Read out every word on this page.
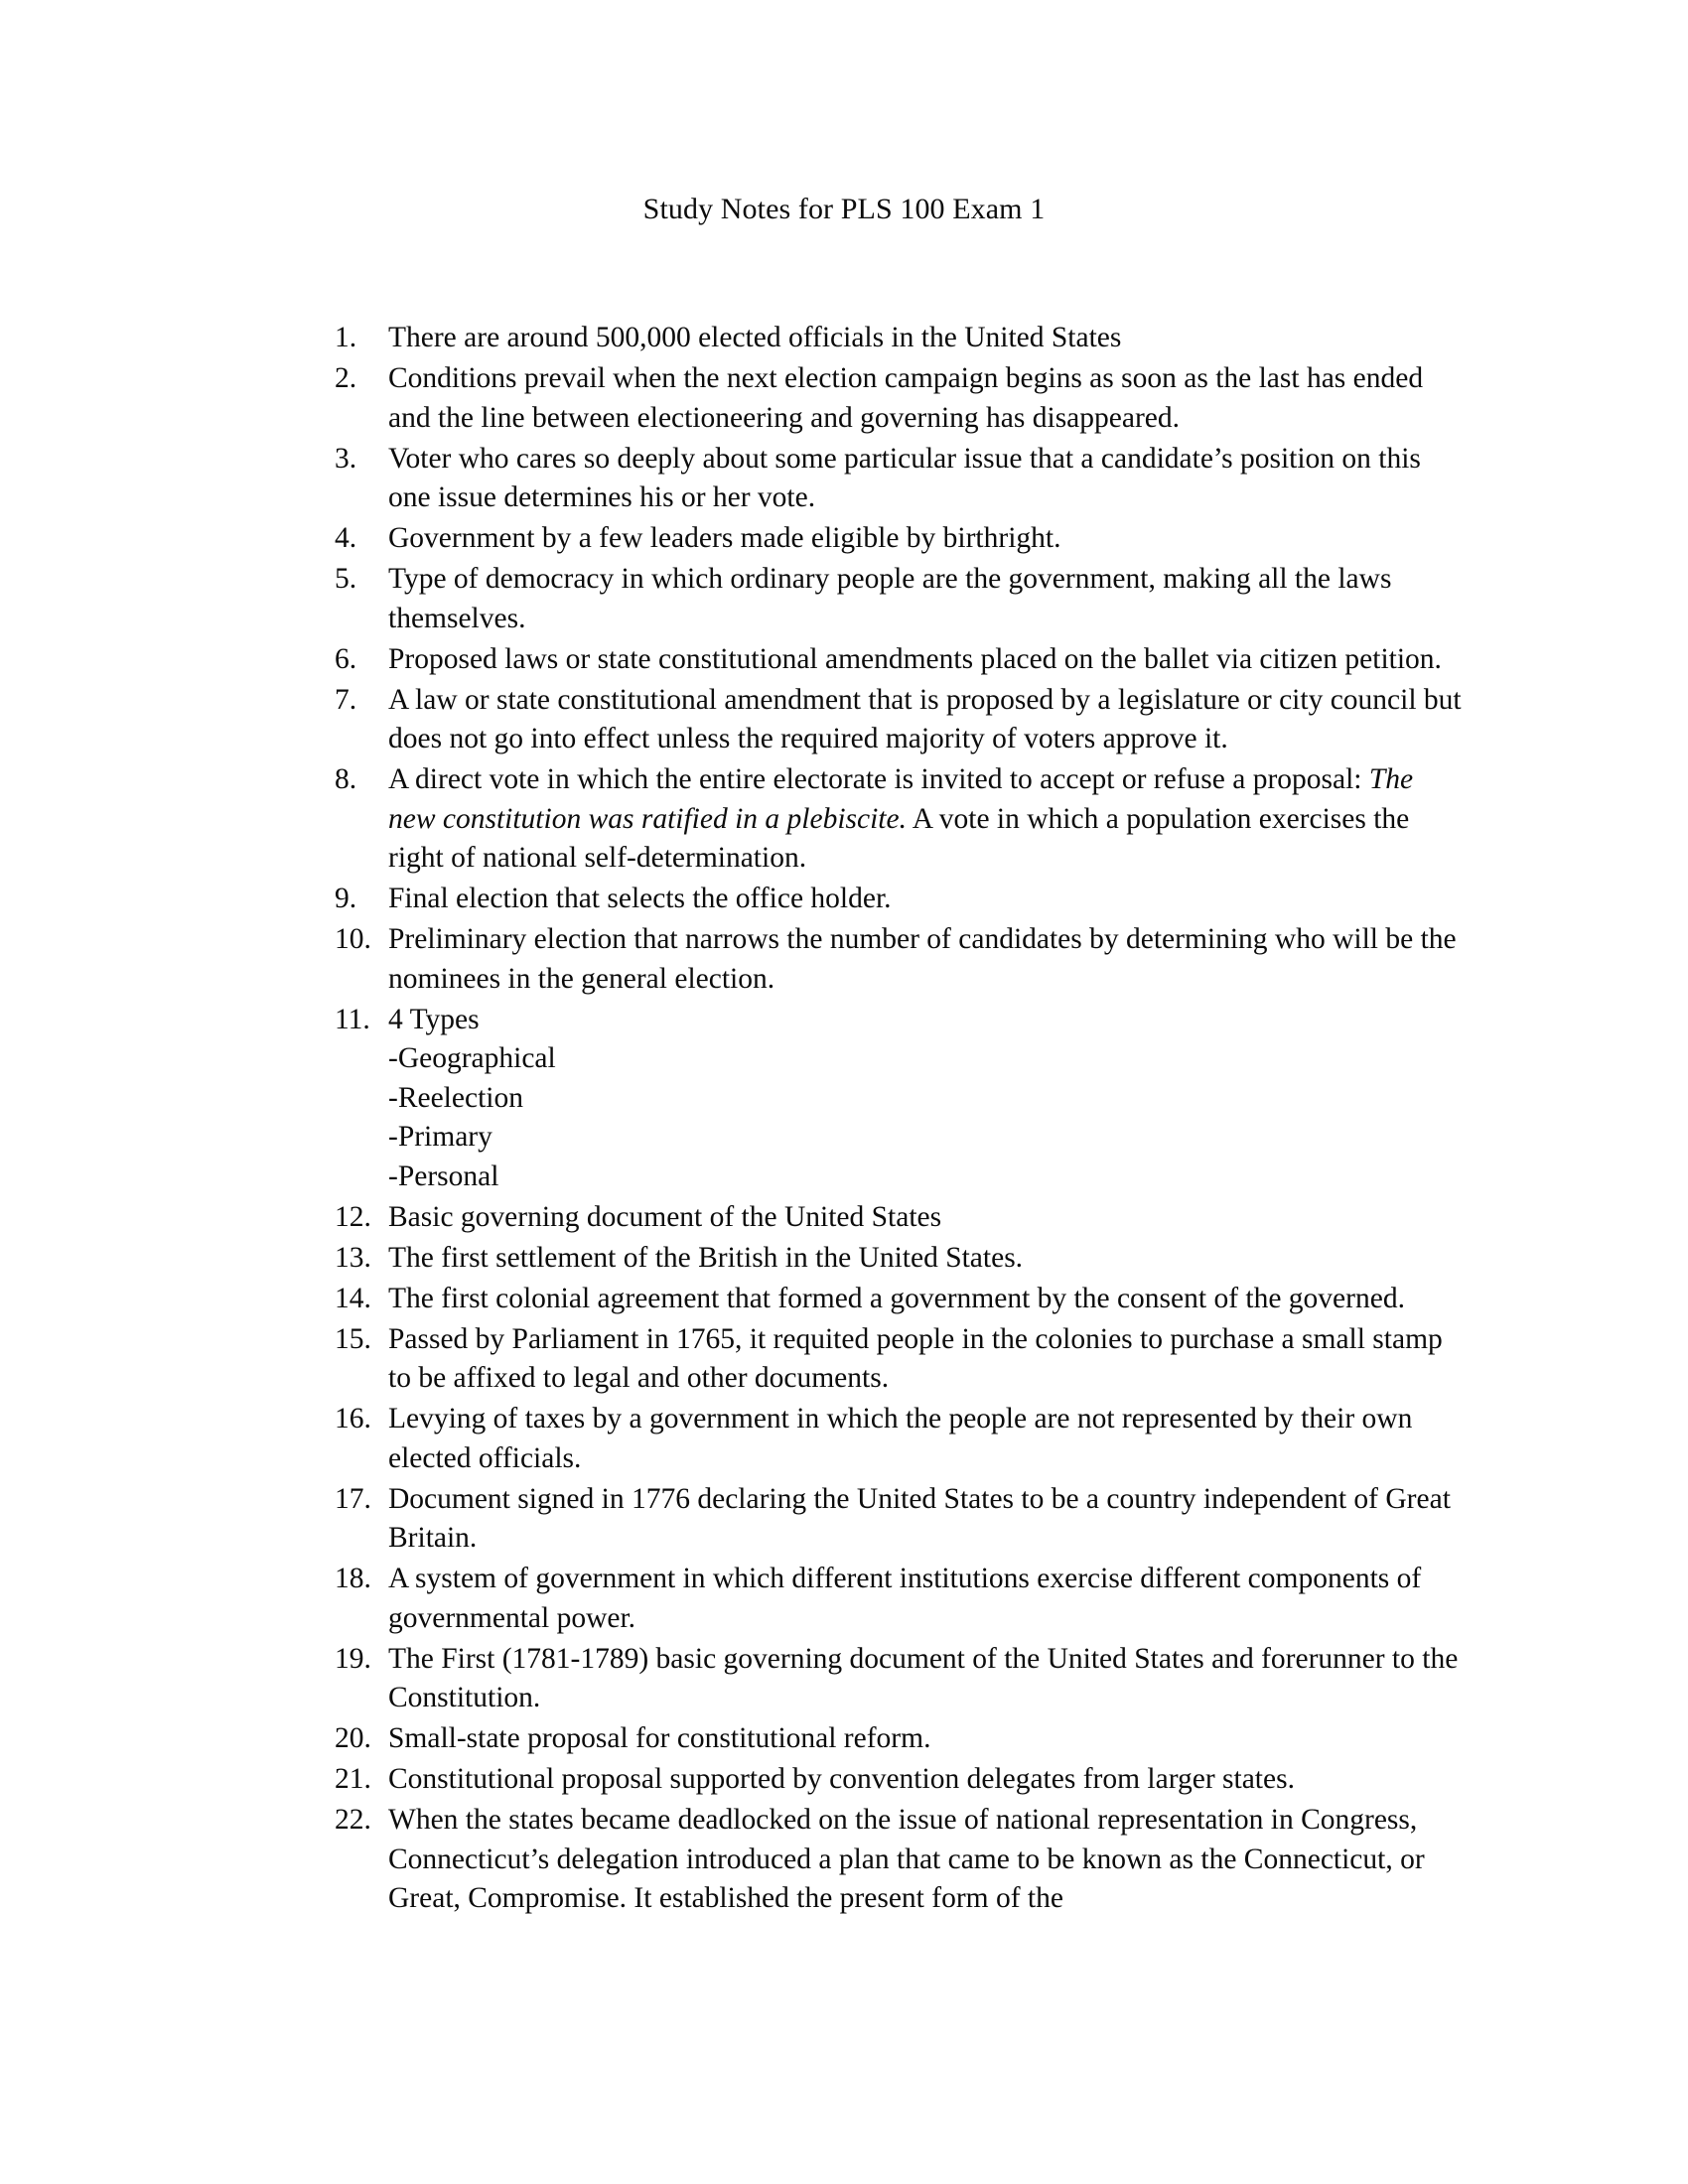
Study Notes for PLS 100 Exam 1
1.	There are around 500,000 elected officials in the United States
2.	Conditions prevail when the next election campaign begins as soon as the last has ended and the line between electioneering and governing has disappeared.
3.	Voter who cares so deeply about some particular issue that a candidate’s position on this one issue determines his or her vote.
4.	Government by a few leaders made eligible by birthright.
5.	Type of democracy in which ordinary people are the government, making all the laws themselves.
6.	Proposed laws or state constitutional amendments placed on the ballet via citizen petition.
7.	A law or state constitutional amendment that is proposed by a legislature or city council but does not go into effect unless the required majority of voters approve it.
8.	A direct vote in which the entire electorate is invited to accept or refuse a proposal: The new constitution was ratified in a plebiscite. A vote in which a population exercises the right of national self-determination.
9.	Final election that selects the office holder.
10. Preliminary election that narrows the number of candidates by determining who will be the nominees in the general election.
11. 4 Types
-Geographical
-Reelection
-Primary
-Personal
12. Basic governing document of the United States
13. The first settlement of the British in the United States.
14. The first colonial agreement that formed a government by the consent of the governed.
15. Passed by Parliament in 1765, it requited people in the colonies to purchase a small stamp to be affixed to legal and other documents.
16. Levying of taxes by a government in which the people are not represented by their own elected officials.
17. Document signed in 1776 declaring the United States to be a country independent of Great Britain.
18. A system of government in which different institutions exercise different components of governmental power.
19. The First (1781-1789) basic governing document of the United States and forerunner to the Constitution.
20. Small-state proposal for constitutional reform.
21. Constitutional proposal supported by convention delegates from larger states.
22. When the states became deadlocked on the issue of national representation in Congress, Connecticut’s delegation introduced a plan that came to be known as the Connecticut, or Great, Compromise. It established the present form of the
